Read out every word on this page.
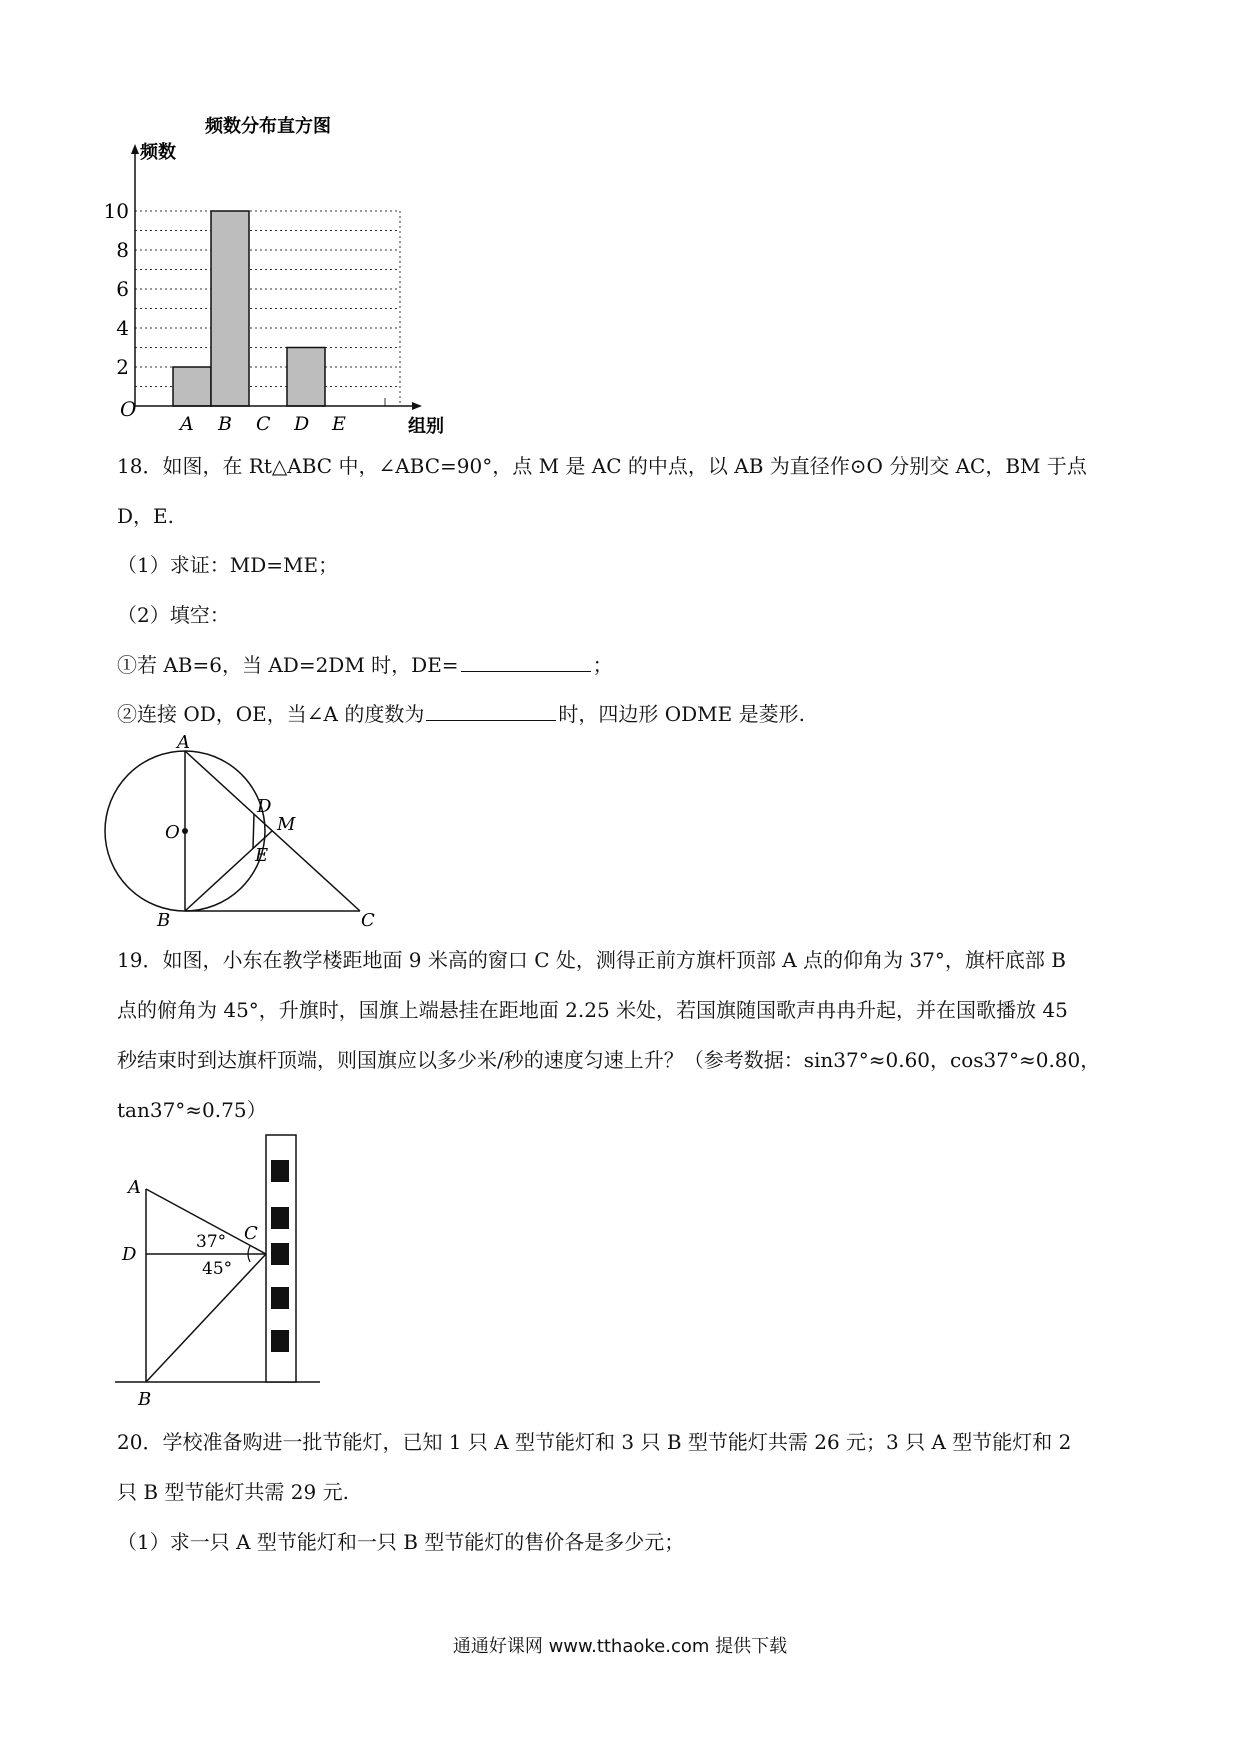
频数分布直方图
频数
组别
O
10
8
6
4
2
A B C D E
18．如图，在 Rt△ABC 中，∠ABC=90°，点 M 是 AC 的中点，以 AB 为直径作⊙O 分别交 AC，BM 于点
D，E.
（1）求证：MD=ME；
（2）填空：
①若 AB=6，当 AD=2DM 时，DE=	；
②连接 OD，OE，当∠A 的度数为	时，四边形 ODME 是菱形.
A
B	C
D
E
M
O
19．如图，小东在教学楼距地面 9 米高的窗口 C 处，测得正前方旗杆顶部 A 点的仰角为 37°，旗杆底部 B
点的俯角为 45°，升旗时，国旗上端悬挂在距地面 2.25 米处，若国旗随国歌声冉冉升起，并在国歌播放 45
秒结束时到达旗杆顶端，则国旗应以多少米/秒的速度匀速上升？（参考数据：sin37°≈0.60，cos37°≈0.80，
tan37°≈0.75）
A
D
B
C
37°
45°
20．学校准备购进一批节能灯，已知 1 只 A 型节能灯和 3 只 B 型节能灯共需 26 元；3 只 A 型节能灯和 2
只 B 型节能灯共需 29 元.
（1）求一只 A 型节能灯和一只 B 型节能灯的售价各是多少元；
通通好课网 www.tthaoke.com 提供下载
